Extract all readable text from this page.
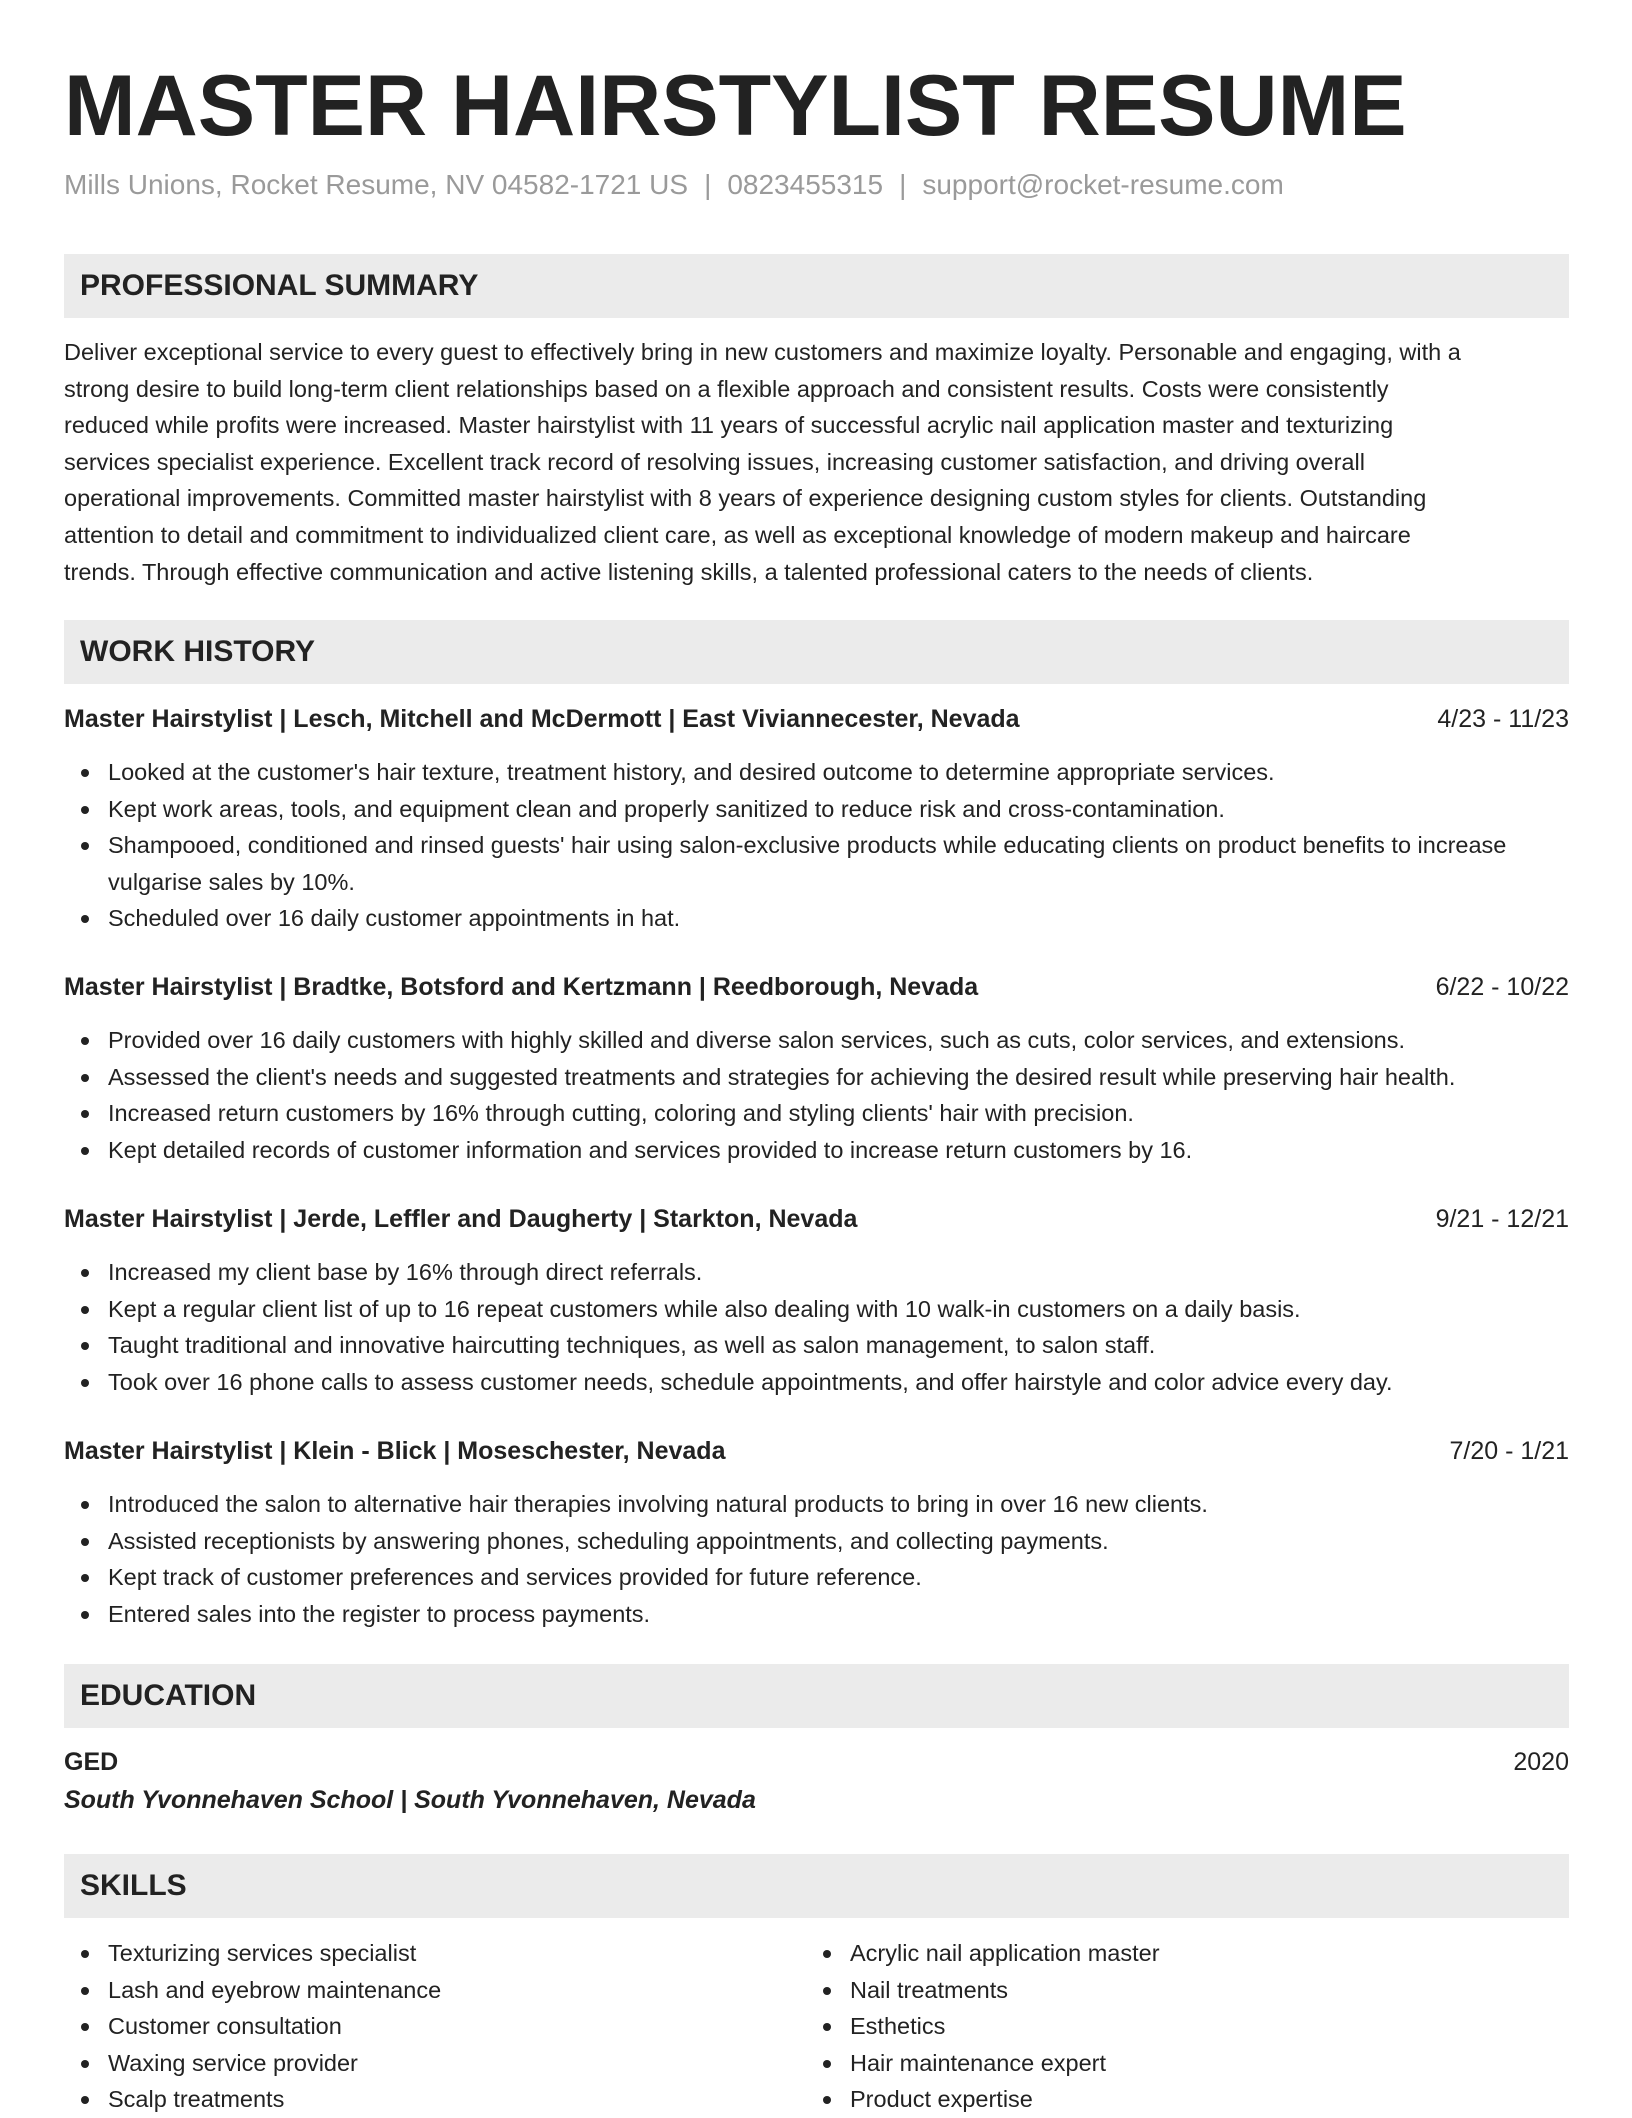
MASTER HAIRSTYLIST RESUME
Mills Unions, Rocket Resume, NV 04582-1721 US | 0823455315 | support@rocket-resume.com
PROFESSIONAL SUMMARY

Deliver exceptional service to every guest to effectively bring in new customers and maximize loyalty. Personable and engaging, with a
strong desire to build long-term client relationships based on a flexible approach and consistent results. Costs were consistently
reduced while profits were increased. Master hairstylist with 11 years of successful acrylic nail application master and texturizing
services specialist experience. Excellent track record of resolving issues, increasing customer satisfaction, and driving overall
operational improvements. Committed master hairstylist with 8 years of experience designing custom styles for clients. Outstanding
attention to detail and commitment to individualized client care, as well as exceptional knowledge of modern makeup and haircare
trends. Through effective communication and active listening skills, a talented professional caters to the needs of clients.

WORK HISTORY
Master Hairstylist | Lesch, Mitchell and McDermott | East Viviannecester, Nevada	4/23 - 11/23
Looked at the customer's hair texture, treatment history, and desired outcome to determine appropriate services.
Kept work areas, tools, and equipment clean and properly sanitized to reduce risk and cross-contamination.
Shampooed, conditioned and rinsed guests' hair using salon-exclusive products while educating clients on product benefits to increase vulgarise sales by 10%.
Scheduled over 16 daily customer appointments in hat.
Master Hairstylist | Bradtke, Botsford and Kertzmann | Reedborough, Nevada	6/22 - 10/22
Provided over 16 daily customers with highly skilled and diverse salon services, such as cuts, color services, and extensions.
Assessed the client's needs and suggested treatments and strategies for achieving the desired result while preserving hair health.
Increased return customers by 16% through cutting, coloring and styling clients' hair with precision.
Kept detailed records of customer information and services provided to increase return customers by 16.
Master Hairstylist | Jerde, Leffler and Daugherty | Starkton, Nevada	9/21 - 12/21
Increased my client base by 16% through direct referrals.
Kept a regular client list of up to 16 repeat customers while also dealing with 10 walk-in customers on a daily basis.
Taught traditional and innovative haircutting techniques, as well as salon management, to salon staff.
Took over 16 phone calls to assess customer needs, schedule appointments, and offer hairstyle and color advice every day.
Master Hairstylist | Klein - Blick | Moseschester, Nevada	7/20 - 1/21
Introduced the salon to alternative hair therapies involving natural products to bring in over 16 new clients.
Assisted receptionists by answering phones, scheduling appointments, and collecting payments.
Kept track of customer preferences and services provided for future reference.
Entered sales into the register to process payments.
EDUCATION
GED	2020
South Yvonnehaven School | South Yvonnehaven, Nevada
SKILLS
Texturizing services specialist
Lash and eyebrow maintenance
Customer consultation
Waxing service provider
Scalp treatments
Acrylic nail application master
Nail treatments
Esthetics
Hair maintenance expert
Product expertise
